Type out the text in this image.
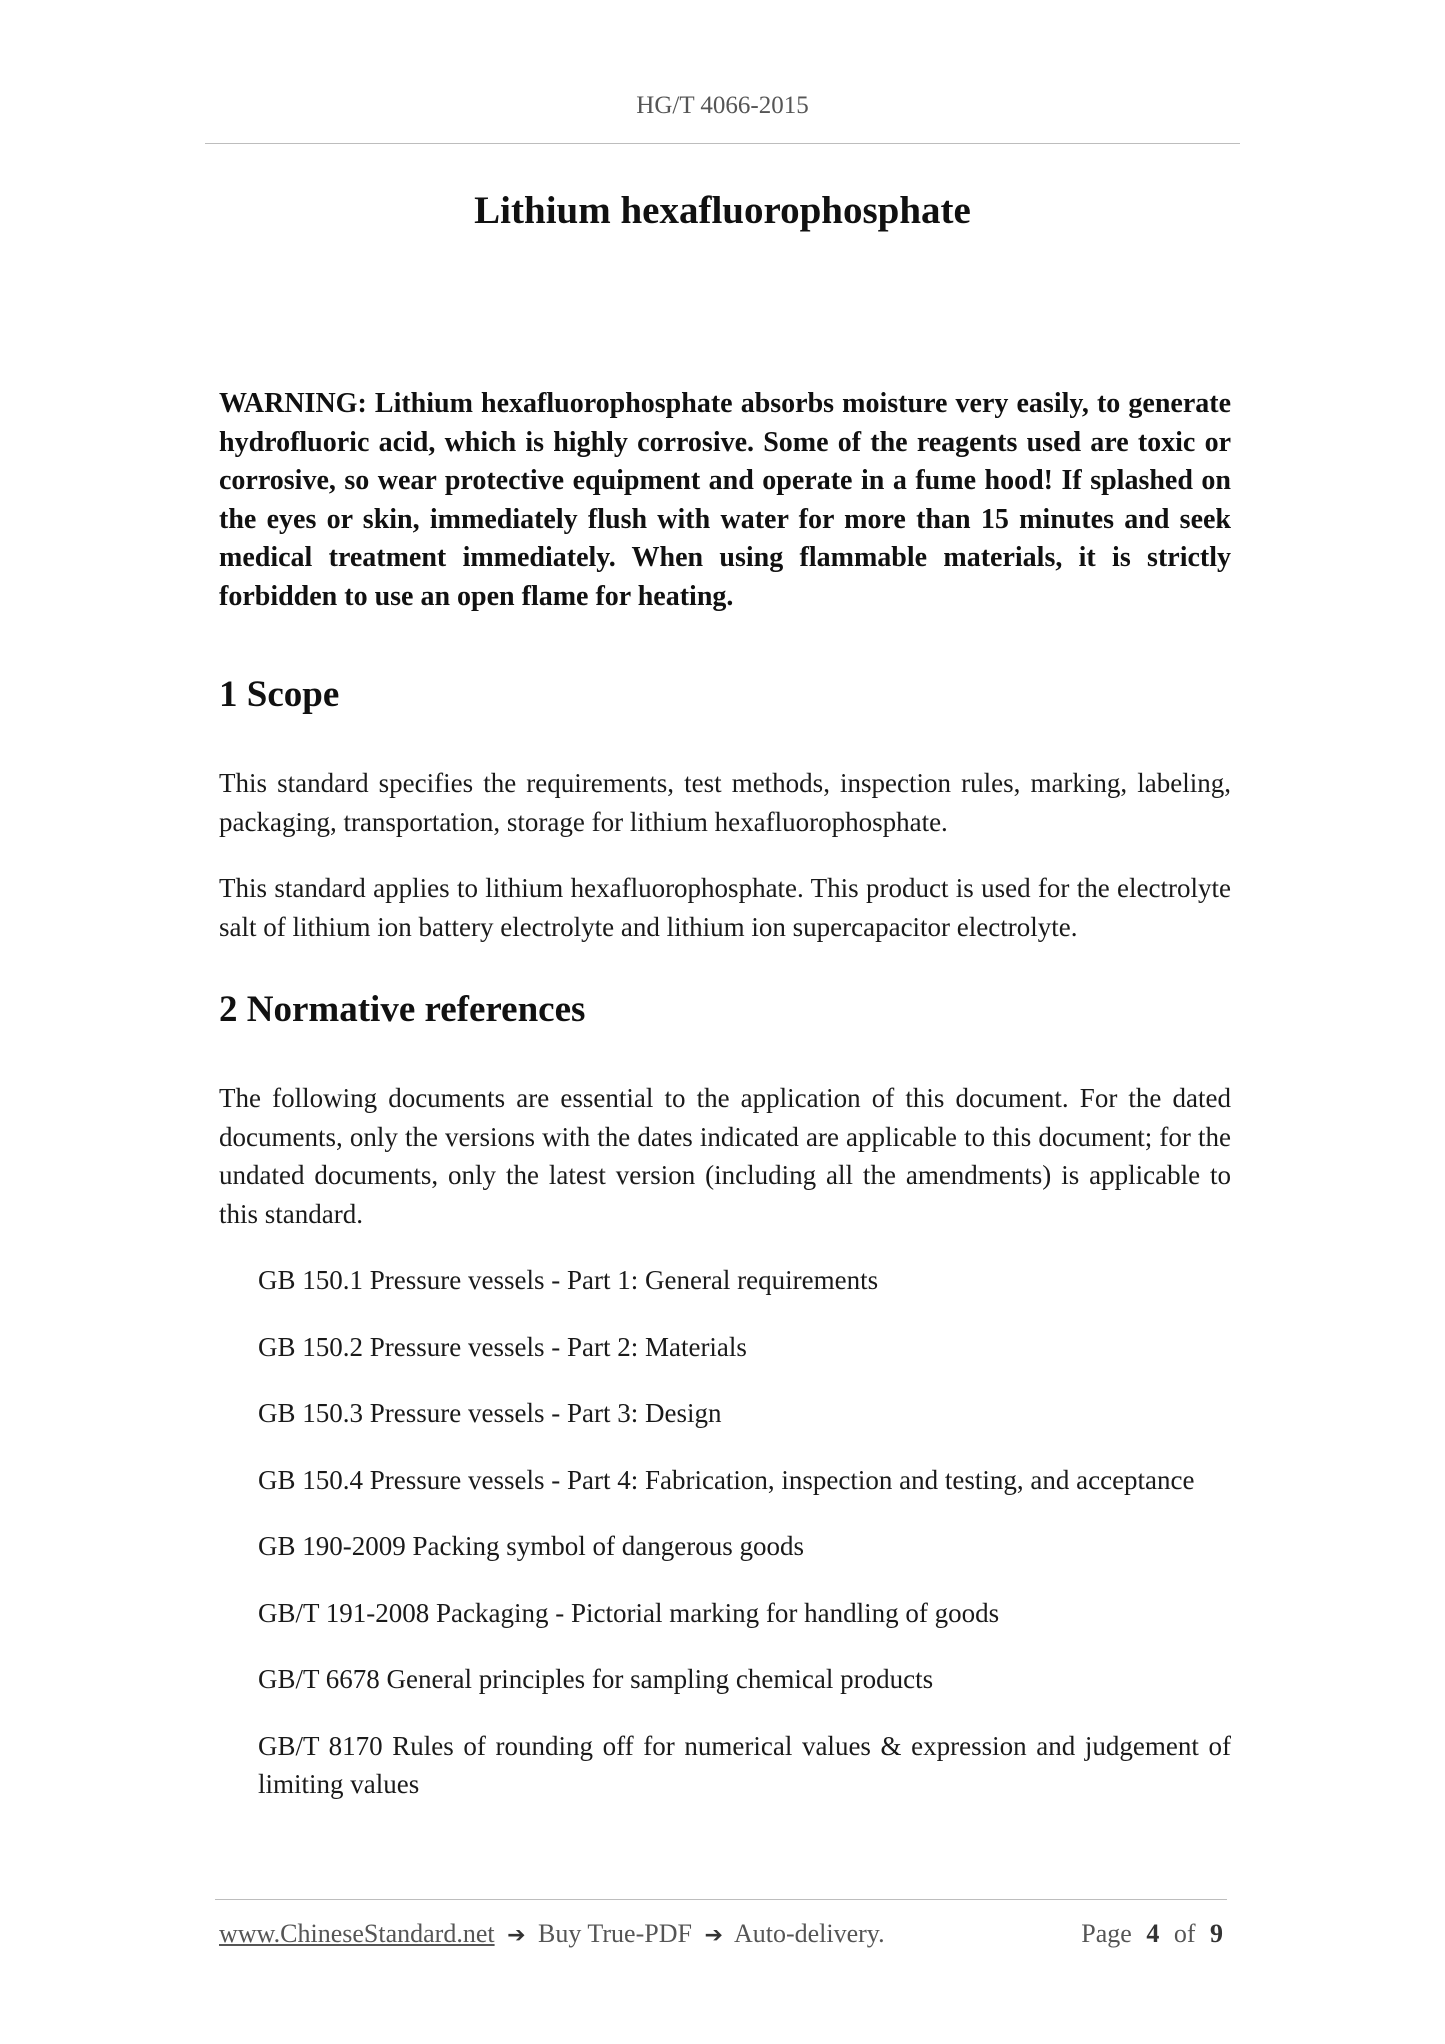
HG/T 4066-2015
Lithium hexafluorophosphate

WARNING: Lithium hexafluorophosphate absorbs moisture very easily, to generate hydrofluoric acid, which is highly corrosive. Some of the reagents used are toxic or corrosive, so wear protective equipment and operate in a fume hood! If splashed on the eyes or skin, immediately flush with water for more than 15 minutes and seek medical treatment immediately. When using flammable materials, it is strictly forbidden to use an open flame for heating.

1 Scope

This standard specifies the requirements, test methods, inspection rules, marking, labeling, packaging, transportation, storage for lithium hexafluorophosphate.

This standard applies to lithium hexafluorophosphate. This product is used for the electrolyte salt of lithium ion battery electrolyte and lithium ion supercapacitor electrolyte.

2 Normative references

The following documents are essential to the application of this document. For the dated documents, only the versions with the dates indicated are applicable to this document; for the undated documents, only the latest version (including all the amendments) is applicable to this standard.

GB 150.1 Pressure vessels - Part 1: General requirements
GB 150.2 Pressure vessels - Part 2: Materials
GB 150.3 Pressure vessels - Part 3: Design
GB 150.4 Pressure vessels - Part 4: Fabrication, inspection and testing, and acceptance
GB 190-2009 Packing symbol of dangerous goods
GB/T 191-2008 Packaging - Pictorial marking for handling of goods
GB/T 6678 General principles for sampling chemical products
GB/T 8170 Rules of rounding off for numerical values & expression and judgement of limiting values
www.ChineseStandard.net ➔ Buy True-PDF ➔ Auto-delivery.	Page 4 of 9
